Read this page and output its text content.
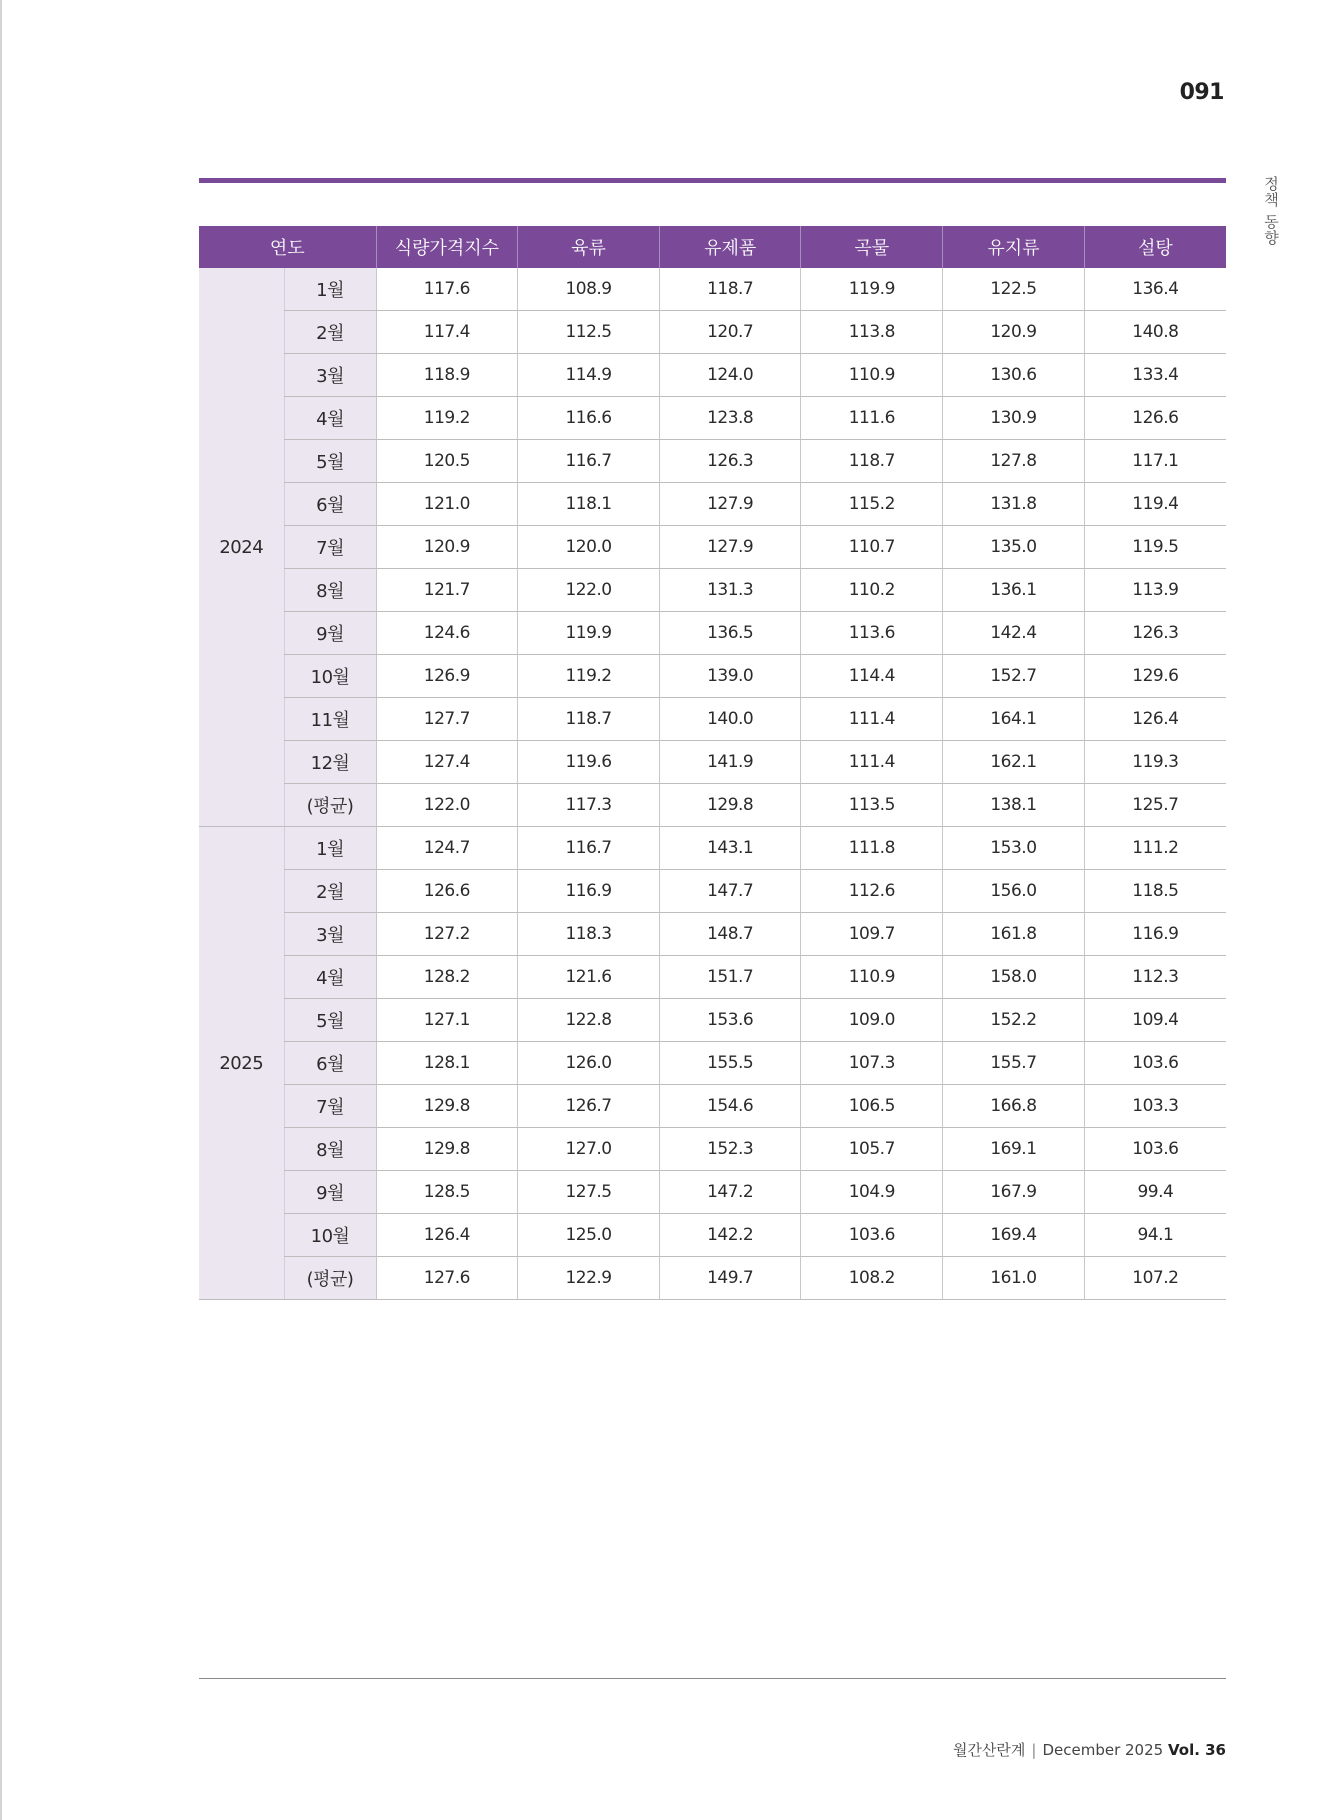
091
정책 동향
연도		식량가격지수	육류	유제품	곡물	유지류	설탕
2024	1월	117.6	108.9	118.7	119.9	122.5	136.4
	2월	117.4	112.5	120.7	113.8	120.9	140.8
	3월	118.9	114.9	124.0	110.9	130.6	133.4
	4월	119.2	116.6	123.8	111.6	130.9	126.6
	5월	120.5	116.7	126.3	118.7	127.8	117.1
	6월	121.0	118.1	127.9	115.2	131.8	119.4
	7월	120.9	120.0	127.9	110.7	135.0	119.5
	8월	121.7	122.0	131.3	110.2	136.1	113.9
	9월	124.6	119.9	136.5	113.6	142.4	126.3
	10월	126.9	119.2	139.0	114.4	152.7	129.6
	11월	127.7	118.7	140.0	111.4	164.1	126.4
	12월	127.4	119.6	141.9	111.4	162.1	119.3
	(평균)	122.0	117.3	129.8	113.5	138.1	125.7
2025	1월	124.7	116.7	143.1	111.8	153.0	111.2
	2월	126.6	116.9	147.7	112.6	156.0	118.5
	3월	127.2	118.3	148.7	109.7	161.8	116.9
	4월	128.2	121.6	151.7	110.9	158.0	112.3
	5월	127.1	122.8	153.6	109.0	152.2	109.4
	6월	128.1	126.0	155.5	107.3	155.7	103.6
	7월	129.8	126.7	154.6	106.5	166.8	103.3
	8월	129.8	127.0	152.3	105.7	169.1	103.6
	9월	128.5	127.5	147.2	104.9	167.9	99.4
	10월	126.4	125.0	142.2	103.6	169.4	94.1
	(평균)	127.6	122.9	149.7	108.2	161.0	107.2
월간산란계 | December 2025 Vol. 36
